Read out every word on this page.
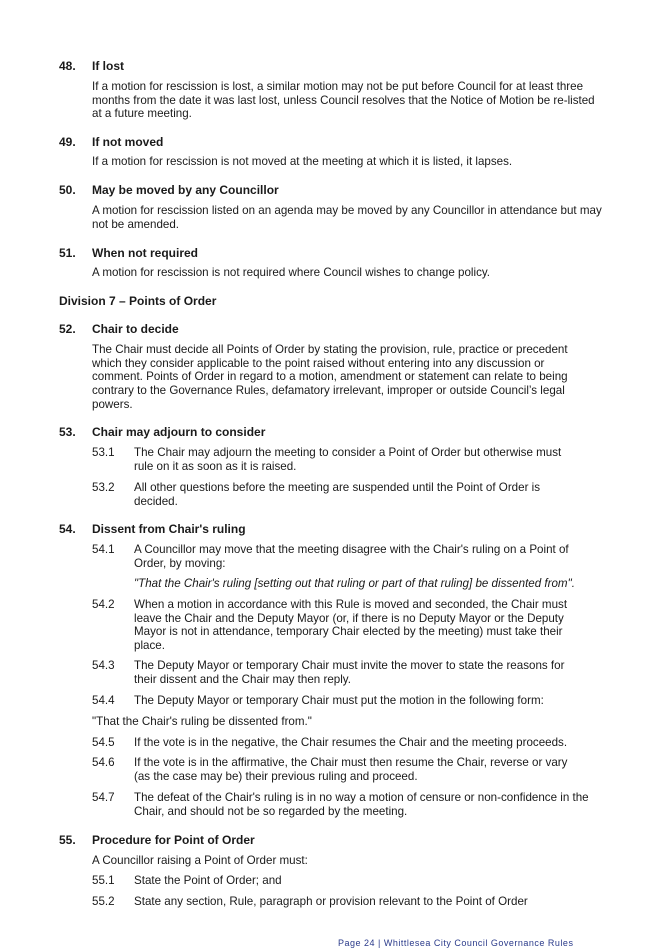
48. If lost
If a motion for rescission is lost, a similar motion may not be put before Council for at least three months from the date it was last lost, unless Council resolves that the Notice of Motion be re-listed at a future meeting.
49. If not moved
If a motion for rescission is not moved at the meeting at which it is listed, it lapses.
50. May be moved by any Councillor
A motion for rescission listed on an agenda may be moved by any Councillor in attendance but may not be amended.
51. When not required
A motion for rescission is not required where Council wishes to change policy.
Division 7 – Points of Order
52. Chair to decide
The Chair must decide all Points of Order by stating the provision, rule, practice or precedent which they consider applicable to the point raised without entering into any discussion or comment. Points of Order in regard to a motion, amendment or statement can relate to being contrary to the Governance Rules, defamatory irrelevant, improper or outside Council’s legal powers.
53. Chair may adjourn to consider
53.1 The Chair may adjourn the meeting to consider a Point of Order but otherwise must rule on it as soon as it is raised.
53.2 All other questions before the meeting are suspended until the Point of Order is decided.
54. Dissent from Chair's ruling
54.1 A Councillor may move that the meeting disagree with the Chair's ruling on a Point of Order, by moving:
"That the Chair's ruling [setting out that ruling or part of that ruling] be dissented from".
54.2 When a motion in accordance with this Rule is moved and seconded, the Chair must leave the Chair and the Deputy Mayor (or, if there is no Deputy Mayor or the Deputy Mayor is not in attendance, temporary Chair elected by the meeting) must take their place.
54.3 The Deputy Mayor or temporary Chair must invite the mover to state the reasons for their dissent and the Chair may then reply.
54.4 The Deputy Mayor or temporary Chair must put the motion in the following form:
"That the Chair's ruling be dissented from."
54.5 If the vote is in the negative, the Chair resumes the Chair and the meeting proceeds.
54.6 If the vote is in the affirmative, the Chair must then resume the Chair, reverse or vary (as the case may be) their previous ruling and proceed.
54.7 The defeat of the Chair's ruling is in no way a motion of censure or non-confidence in the Chair, and should not be so regarded by the meeting.
55. Procedure for Point of Order
A Councillor raising a Point of Order must:
55.1 State the Point of Order; and
55.2 State any section, Rule, paragraph or provision relevant to the Point of Order
Page 24 | Whittlesea City Council Governance Rules
